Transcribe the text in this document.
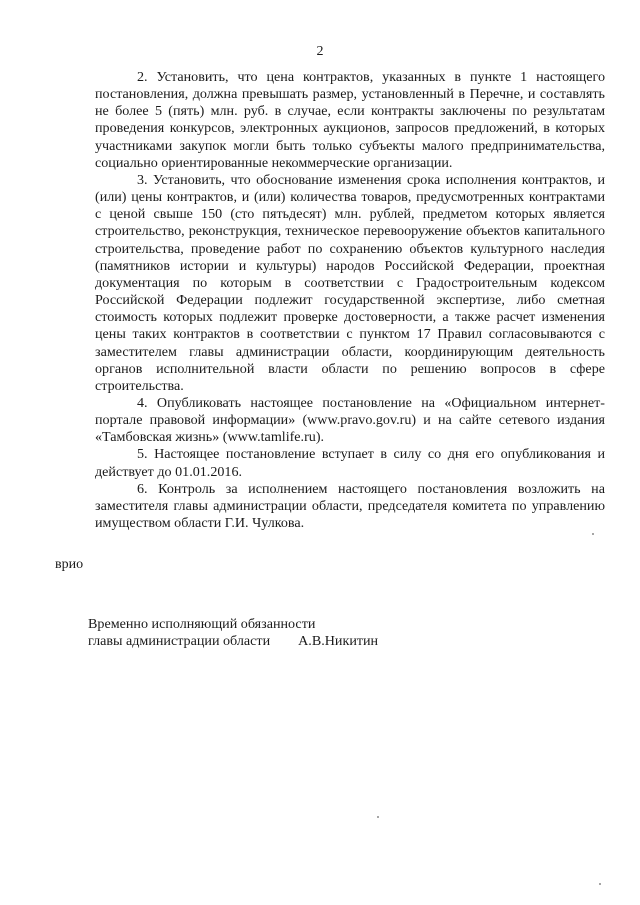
2

2. Установить, что цена контрактов, указанных в пункте 1 настоящего постановления, должна превышать размер, установленный в Перечне, и составлять не более 5 (пять) млн. руб. в случае, если контракты заключены по результатам проведения конкурсов, электронных аукционов, запросов предложений, в которых участниками закупок могли быть только субъекты малого предпринимательства, социально ориентированные некоммерческие организации.

3. Установить, что обоснование изменения срока исполнения контрактов, и (или) цены контрактов, и (или) количества товаров, предусмотренных контрактами с ценой свыше 150 (сто пятьдесят) млн. рублей, предметом которых является строительство, реконструкция, техническое перевооружение объектов капитального строительства, проведение работ по сохранению объектов культурного наследия (памятников истории и культуры) народов Российской Федерации, проектная документация по которым в соответствии с Градостроительным кодексом Российской Федерации подлежит государственной экспертизе, либо сметная стоимость которых подлежит проверке достоверности, а также расчет изменения цены таких контрактов в соответствии с пунктом 17 Правил согласовываются с заместителем главы администрации области, координирующим деятельность органов исполнительной власти области по решению вопросов в сфере строительства.

4. Опубликовать настоящее постановление на «Официальном интернет-портале правовой информации» (www.pravo.gov.ru) и на сайте сетевого издания «Тамбовская жизнь» (www.tamlife.ru).

5. Настоящее постановление вступает в силу со дня его опубликования и действует до 01.01.2016.

6. Контроль за исполнением настоящего постановления возложить на заместителя главы администрации области, председателя комитета по управлению имуществом области Г.И. Чулкова.

врио
Временно исполняющий обязанности
главы администрации области А.В.Никитин
